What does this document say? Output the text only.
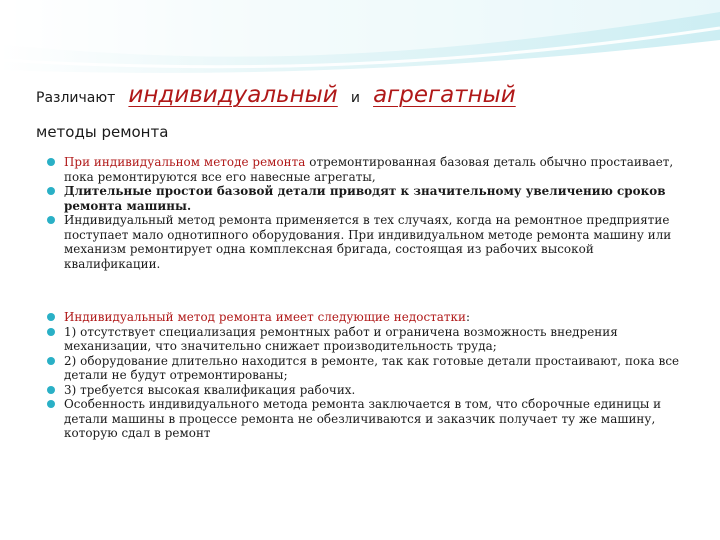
Различают индивидуальный и агрегатный
методы ремонта
При индивидуальном методе ремонта отремонтированная базовая деталь обычно простаивает, пока ремонтируются все его навесные агрегаты,
Длительные простои базовой детали приводят к значительному увеличению сроков ремонта машины.
Индивидуальный метод ремонта применяется в тех случаях, когда на ремонтное предприятие поступает мало однотипного оборудования. При индивидуальном методе ремонта машину или механизм ремонтирует одна комплексная бригада, состоящая из рабочих высокой квалификации.
Индивидуальный метод ремонта имеет следующие недостатки:
1) отсутствует специализация ремонтных работ и ограничена возможность внедрения механизации, что значительно снижает производительность труда;
2) оборудование длительно находится в ремонте, так как готовые детали простаивают, пока все детали не будут отремонтированы;
3) требуется высокая квалификация рабочих.
Особенность индивидуального метода ремонта заключается в том, что сборочные единицы и детали машины в процессе ремонта не обезличиваются и заказчик получает ту же машину, которую сдал в ремонт
